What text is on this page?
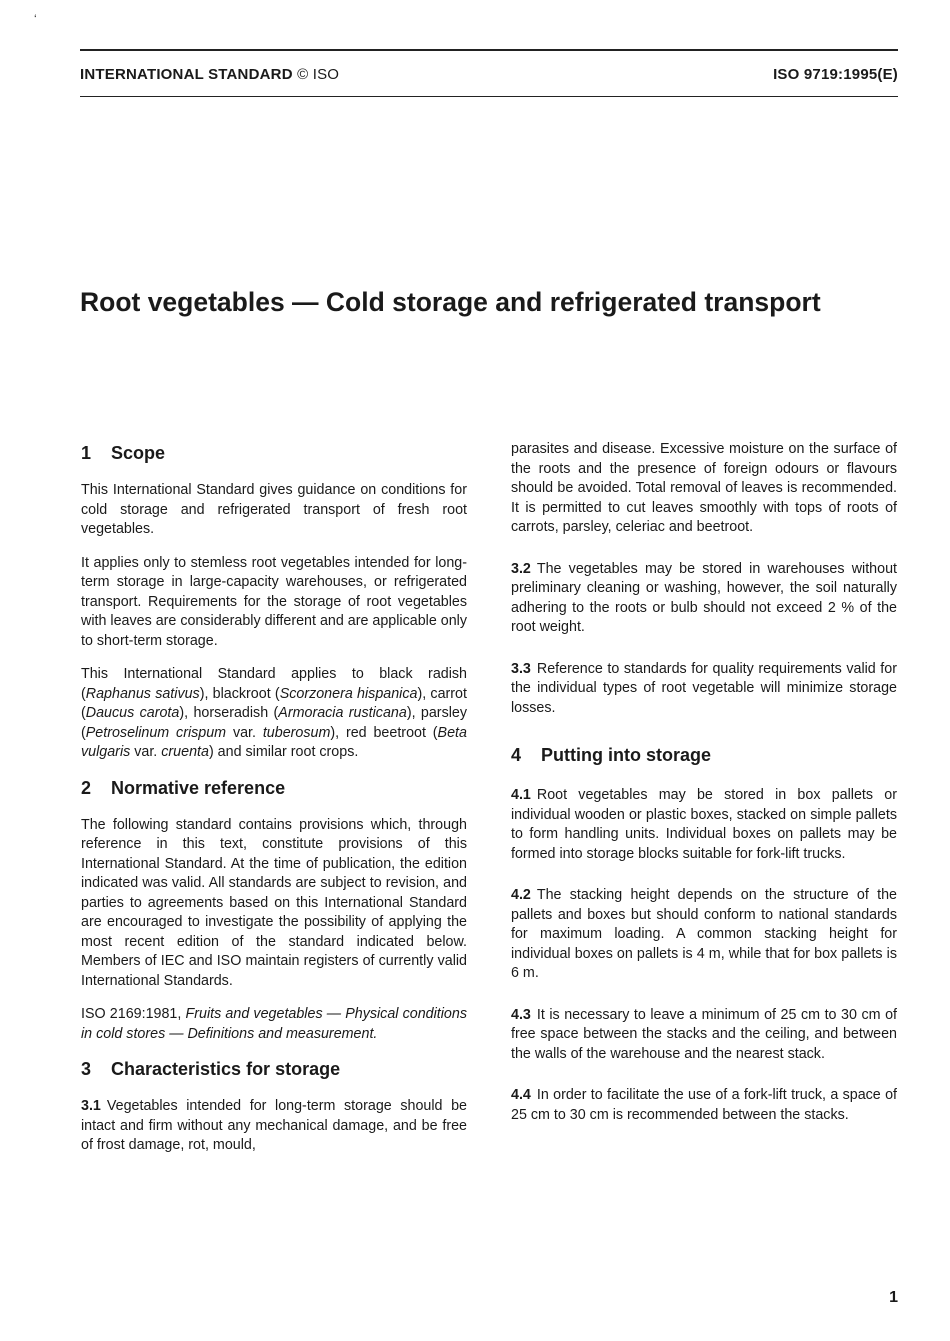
‘
INTERNATIONAL STANDARD © ISO	ISO 9719:1995(E)
Root vegetables — Cold storage and refrigerated transport
1 Scope

This International Standard gives guidance on conditions for cold storage and refrigerated transport of fresh root vegetables.

It applies only to stemless root vegetables intended for long-term storage in large-capacity warehouses, or refrigerated transport. Requirements for the storage of root vegetables with leaves are considerably different and are applicable only to short-term storage.

This International Standard applies to black radish (Raphanus sativus), blackroot (Scorzonera hispanica), carrot (Daucus carota), horseradish (Armoracia rusticana), parsley (Petroselinum crispum var. tuberosum), red beetroot (Beta vulgaris var. cruenta) and similar root crops.

2 Normative reference

The following standard contains provisions which, through reference in this text, constitute provisions of this International Standard. At the time of publication, the edition indicated was valid. All standards are subject to revision, and parties to agreements based on this International Standard are encouraged to investigate the possibility of applying the most recent edition of the standard indicated below. Members of IEC and ISO maintain registers of currently valid International Standards.

ISO 2169:1981, Fruits and vegetables — Physical conditions in cold stores — Definitions and measurement.

3 Characteristics for storage

3.1 Vegetables intended for long-term storage should be intact and firm without any mechanical damage, and be free of frost damage, rot, mould,

parasites and disease. Excessive moisture on the surface of the roots and the presence of foreign odours or flavours should be avoided. Total removal of leaves is recommended. It is permitted to cut leaves smoothly with tops of roots of carrots, parsley, celeriac and beetroot.

3.2 The vegetables may be stored in warehouses without preliminary cleaning or washing, however, the soil naturally adhering to the roots or bulb should not exceed 2 % of the root weight.

3.3 Reference to standards for quality requirements valid for the individual types of root vegetable will minimize storage losses.

4 Putting into storage

4.1 Root vegetables may be stored in box pallets or individual wooden or plastic boxes, stacked on simple pallets to form handling units. Individual boxes on pallets may be formed into storage blocks suitable for fork-lift trucks.

4.2 The stacking height depends on the structure of the pallets and boxes but should conform to national standards for maximum loading. A common stacking height for individual boxes on pallets is 4 m, while that for box pallets is 6 m.

4.3 It is necessary to leave a minimum of 25 cm to 30 cm of free space between the stacks and the ceiling, and between the walls of the warehouse and the nearest stack.

4.4 In order to facilitate the use of a fork-lift truck, a space of 25 cm to 30 cm is recommended between the stacks.

1
